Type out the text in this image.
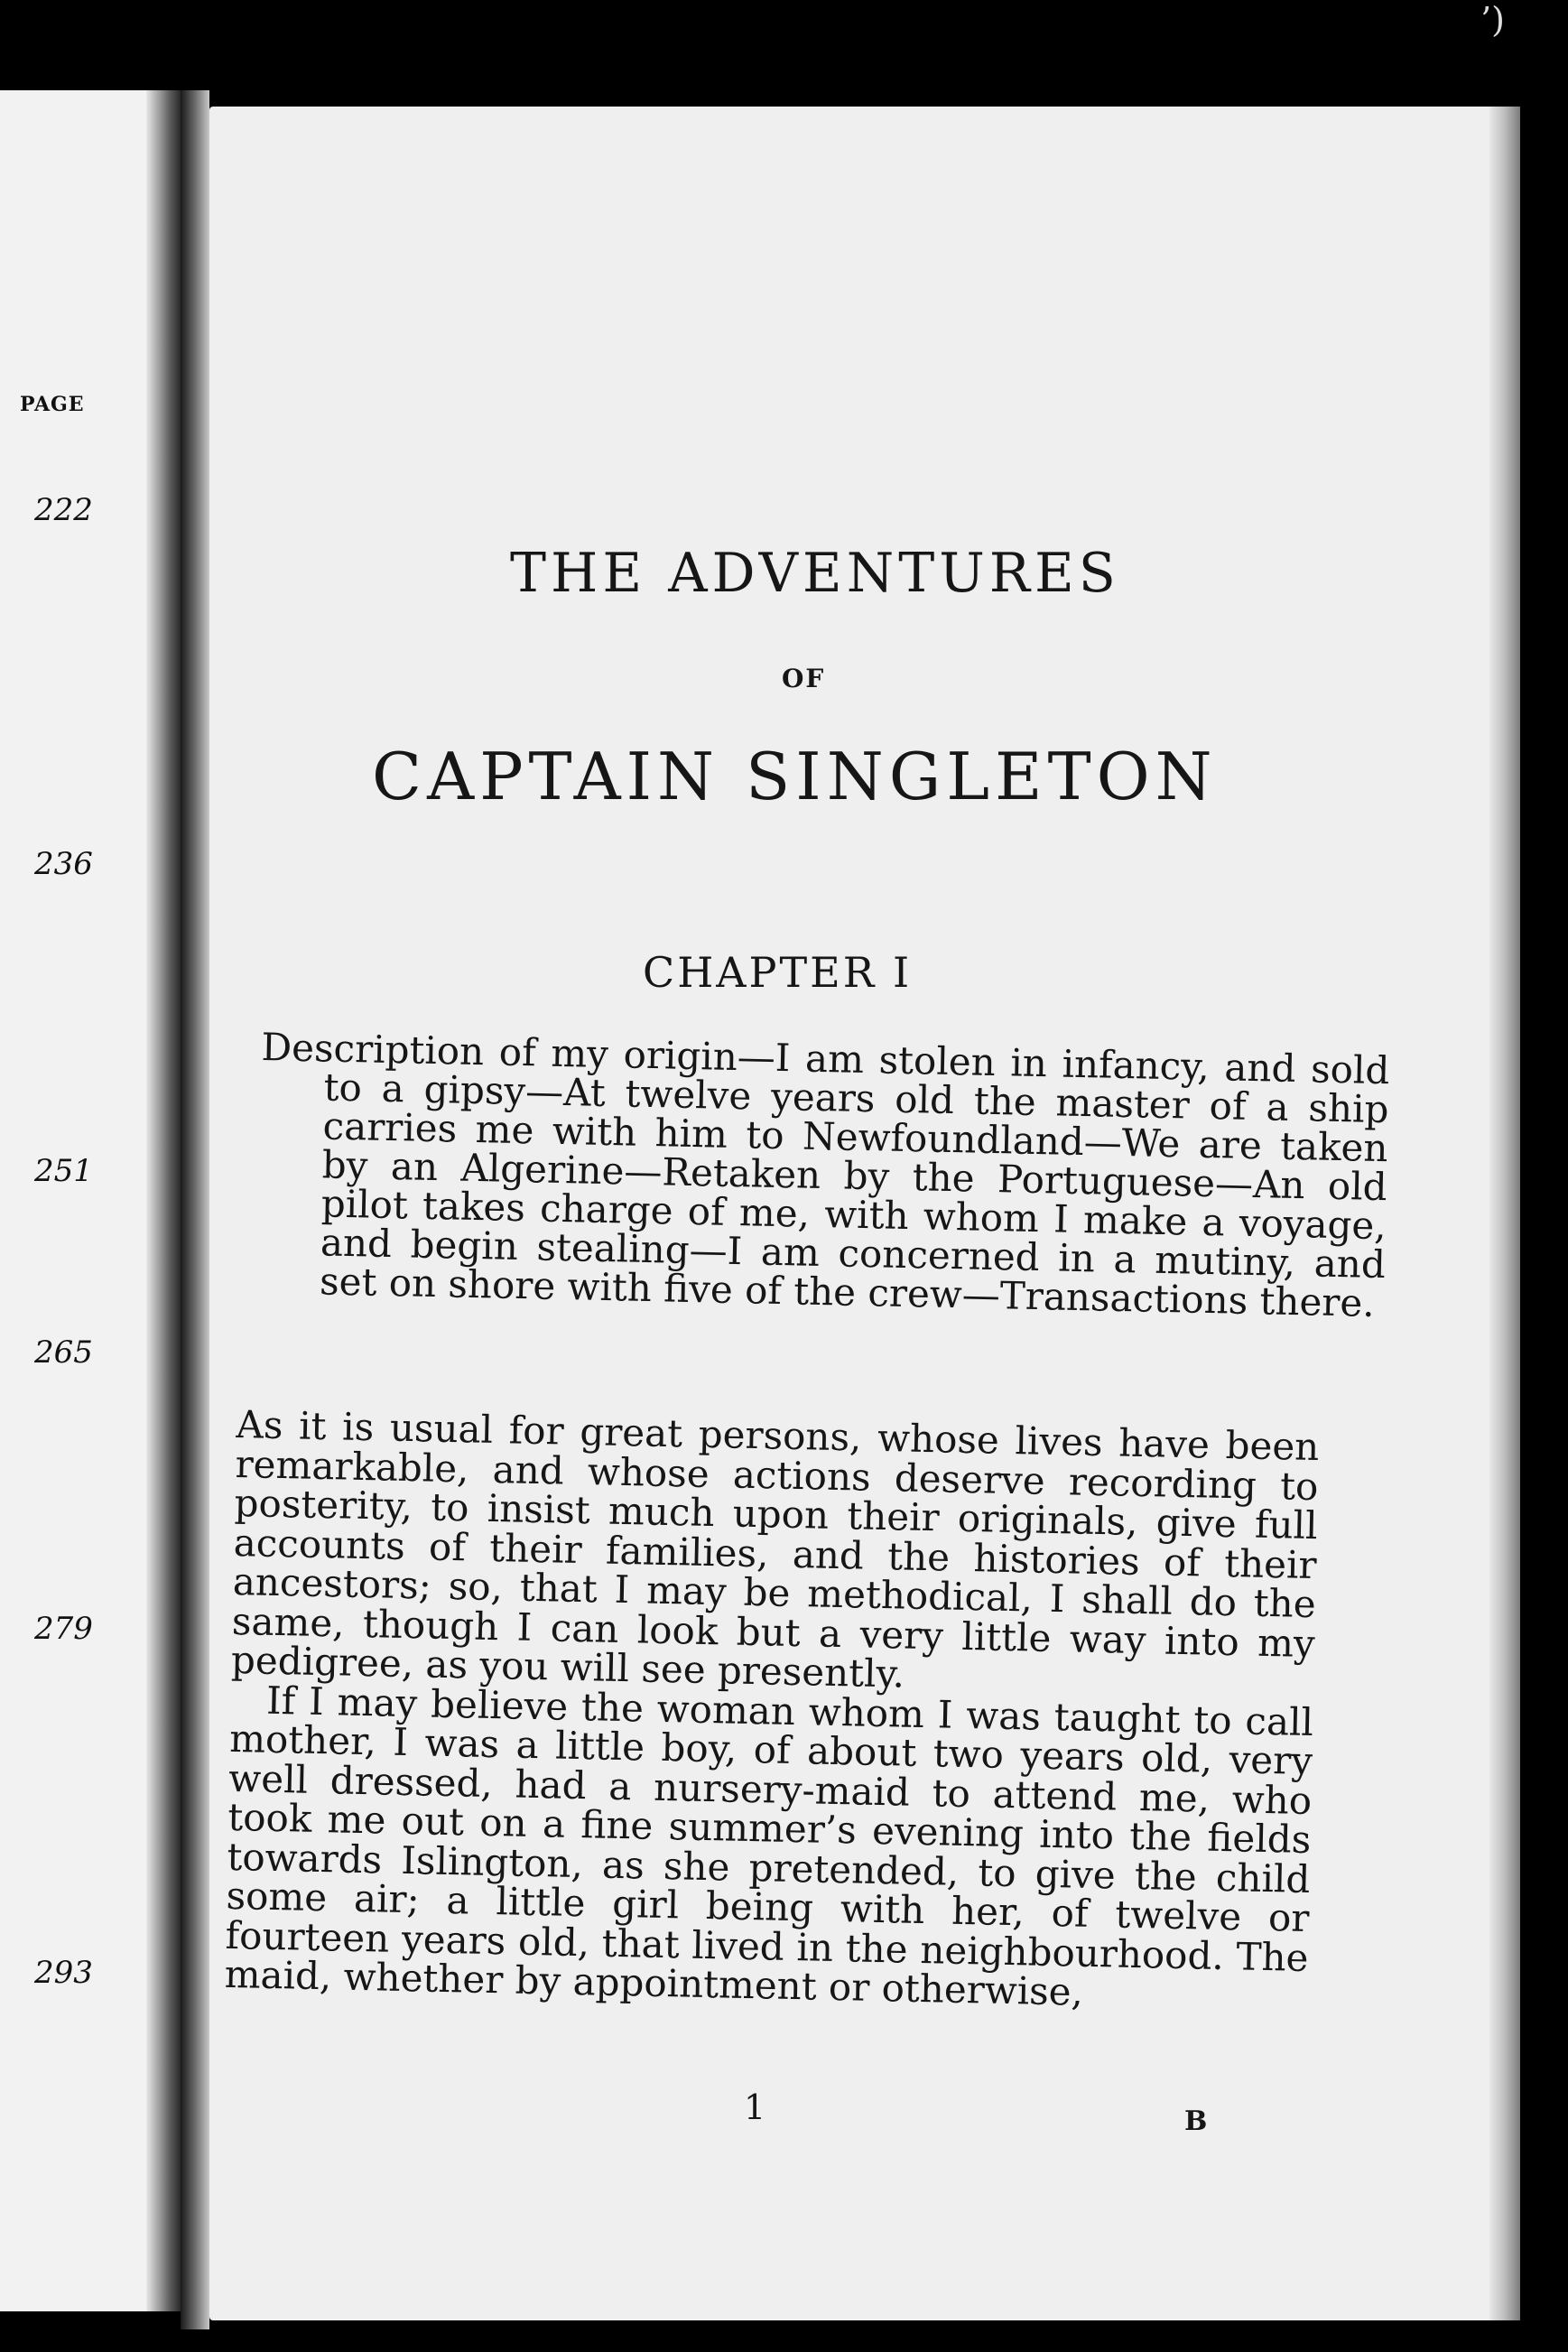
PAGE
222
236
251
265
279
293
’)
THE ADVENTURES
OF
CAPTAIN SINGLETON
CHAPTER I
Description of my origin—I am stolen in infancy, and sold to a gipsy—At twelve years old the master of a ship carries me with him to Newfoundland—We are taken by an Algerine—Retaken by the Portuguese—An old pilot takes charge of me, with whom I make a voyage, and begin stealing—I am concerned in a mutiny, and set on shore with five of the crew—Transactions there.

As it is usual for great persons, whose lives have been remarkable, and whose actions deserve recording to posterity, to insist much upon their originals, give full accounts of their families, and the histories of their ancestors; so, that I may be methodical, I shall do the same, though I can look but a very little way into my pedigree, as you will see presently.

If I may believe the woman whom I was taught to call mother, I was a little boy, of about two years old, very well dressed, had a nursery-maid to attend me, who took me out on a fine summer’s evening into the fields towards Islington, as she pretended, to give the child some air; a little girl being with her, of twelve or fourteen years old, that lived in the neighbourhood. The maid, whether by appointment or otherwise,

1	B
